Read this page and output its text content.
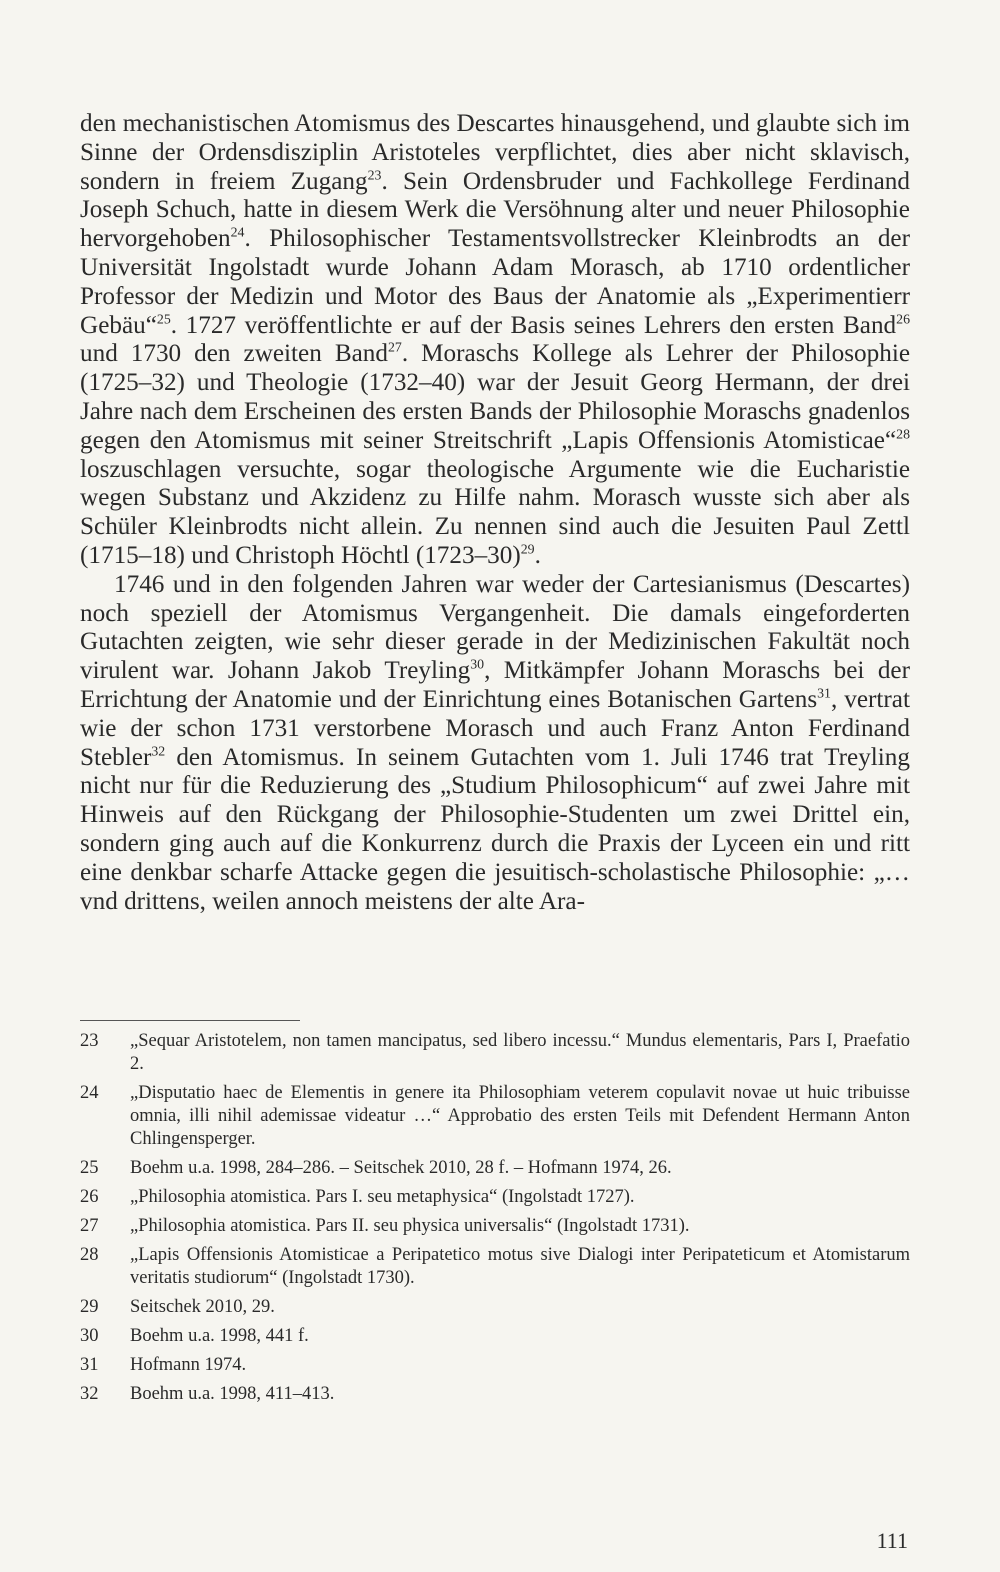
den mechanistischen Atomismus des Descartes hinausgehend, und glaubte sich im Sinne der Ordensdisziplin Aristoteles verpflichtet, dies aber nicht sklavisch, sondern in freiem Zugang$^{23}$. Sein Ordensbruder und Fachkollege Ferdinand Joseph Schuch, hatte in diesem Werk die Versöhnung alter und neuer Philosophie hervorgehoben$^{24}$. Philosophischer Testamentsvollstrecker Kleinbrodts an der Universität Ingolstadt wurde Johann Adam Morasch, ab 1710 ordentlicher Professor der Medizin und Motor des Baus der Anatomie als „Experimentierr Gebäu“$^{25}$. 1727 veröffentlichte er auf der Basis seines Lehrers den ersten Band$^{26}$ und 1730 den zweiten Band$^{27}$. Moraschs Kollege als Lehrer der Philosophie (1725–32) und Theologie (1732–40) war der Jesuit Georg Hermann, der drei Jahre nach dem Erscheinen des ersten Bands der Philosophie Moraschs gnadenlos gegen den Atomismus mit seiner Streitschrift „Lapis Offensionis Atomisticae“$^{28}$ loszuschlagen versuchte, sogar theologische Argumente wie die Eucharistie wegen Substanz und Akzidenz zu Hilfe nahm. Morasch wusste sich aber als Schüler Kleinbrodts nicht allein. Zu nennen sind auch die Jesuiten Paul Zettl (1715–18) und Christoph Höchtl (1723–30)$^{29}$.

1746 und in den folgenden Jahren war weder der Cartesianismus (Descartes) noch speziell der Atomismus Vergangenheit. Die damals eingeforderten Gutachten zeigten, wie sehr dieser gerade in der Medizinischen Fakultät noch virulent war. Johann Jakob Treyling$^{30}$, Mitkämpfer Johann Moraschs bei der Errichtung der Anatomie und der Einrichtung eines Botanischen Gartens$^{31}$, vertrat wie der schon 1731 verstorbene Morasch und auch Franz Anton Ferdinand Stebler$^{32}$ den Atomismus. In seinem Gutachten vom 1. Juli 1746 trat Treyling nicht nur für die Reduzierung des „Studium Philosophicum“ auf zwei Jahre mit Hinweis auf den Rückgang der Philosophie-Studenten um zwei Drittel ein, sondern ging auch auf die Konkurrenz durch die Praxis der Lyceen ein und ritt eine denkbar scharfe Attacke gegen die jesuitisch-scholastische Philosophie: „… vnd drittens, weilen annoch meistens der alte Ara-

23	„Sequar Aristotelem, non tamen mancipatus, sed libero incessu.“ Mundus elementaris, Pars I, Praefatio 2.
24	„Disputatio haec de Elementis in genere ita Philosophiam veterem copulavit novae ut huic tribuisse omnia, illi nihil ademissae videatur …“ Approbatio des ersten Teils mit Defendent Hermann Anton Chlingensperger.
25	Boehm u.a. 1998, 284–286. – Seitschek 2010, 28 f. – Hofmann 1974, 26.
26	„Philosophia atomistica. Pars I. seu metaphysica“ (Ingolstadt 1727).
27	„Philosophia atomistica. Pars II. seu physica universalis“ (Ingolstadt 1731).
28	„Lapis Offensionis Atomisticae a Peripatetico motus sive Dialogi inter Peripateticum et Atomistarum veritatis studiorum“ (Ingolstadt 1730).
29	Seitschek 2010, 29.
30	Boehm u.a. 1998, 441 f.
31	Hofmann 1974.
32	Boehm u.a. 1998, 411–413.
111
